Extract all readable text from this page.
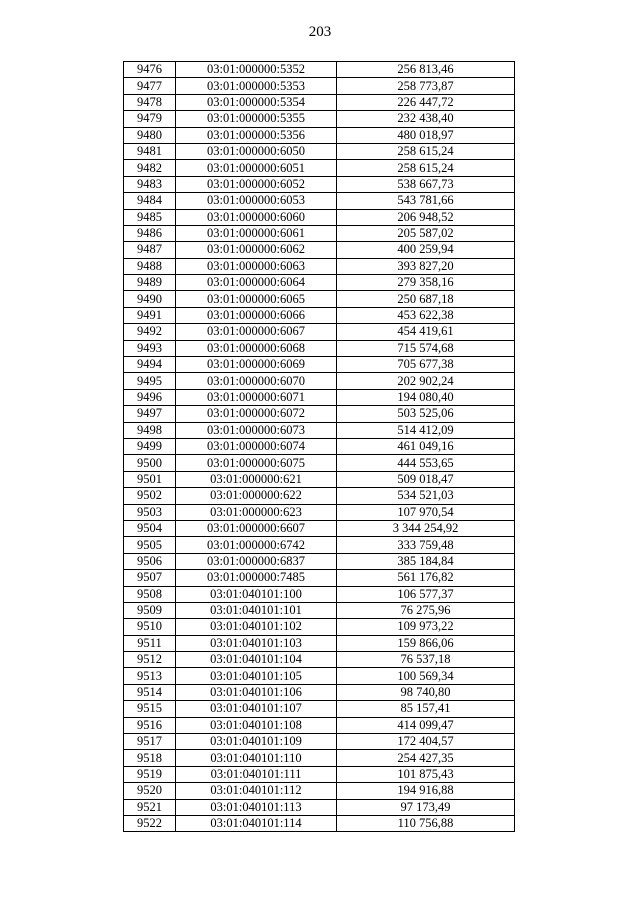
203
9476	03:01:000000:5352	256 813,46
9477	03:01:000000:5353	258 773,87
9478	03:01:000000:5354	226 447,72
9479	03:01:000000:5355	232 438,40
9480	03:01:000000:5356	480 018,97
9481	03:01:000000:6050	258 615,24
9482	03:01:000000:6051	258 615,24
9483	03:01:000000:6052	538 667,73
9484	03:01:000000:6053	543 781,66
9485	03:01:000000:6060	206 948,52
9486	03:01:000000:6061	205 587,02
9487	03:01:000000:6062	400 259,94
9488	03:01:000000:6063	393 827,20
9489	03:01:000000:6064	279 358,16
9490	03:01:000000:6065	250 687,18
9491	03:01:000000:6066	453 622,38
9492	03:01:000000:6067	454 419,61
9493	03:01:000000:6068	715 574,68
9494	03:01:000000:6069	705 677,38
9495	03:01:000000:6070	202 902,24
9496	03:01:000000:6071	194 080,40
9497	03:01:000000:6072	503 525,06
9498	03:01:000000:6073	514 412,09
9499	03:01:000000:6074	461 049,16
9500	03:01:000000:6075	444 553,65
9501	03:01:000000:621	509 018,47
9502	03:01:000000:622	534 521,03
9503	03:01:000000:623	107 970,54
9504	03:01:000000:6607	3 344 254,92
9505	03:01:000000:6742	333 759,48
9506	03:01:000000:6837	385 184,84
9507	03:01:000000:7485	561 176,82
9508	03:01:040101:100	106 577,37
9509	03:01:040101:101	76 275,96
9510	03:01:040101:102	109 973,22
9511	03:01:040101:103	159 866,06
9512	03:01:040101:104	76 537,18
9513	03:01:040101:105	100 569,34
9514	03:01:040101:106	98 740,80
9515	03:01:040101:107	85 157,41
9516	03:01:040101:108	414 099,47
9517	03:01:040101:109	172 404,57
9518	03:01:040101:110	254 427,35
9519	03:01:040101:111	101 875,43
9520	03:01:040101:112	194 916,88
9521	03:01:040101:113	97 173,49
9522	03:01:040101:114	110 756,88
